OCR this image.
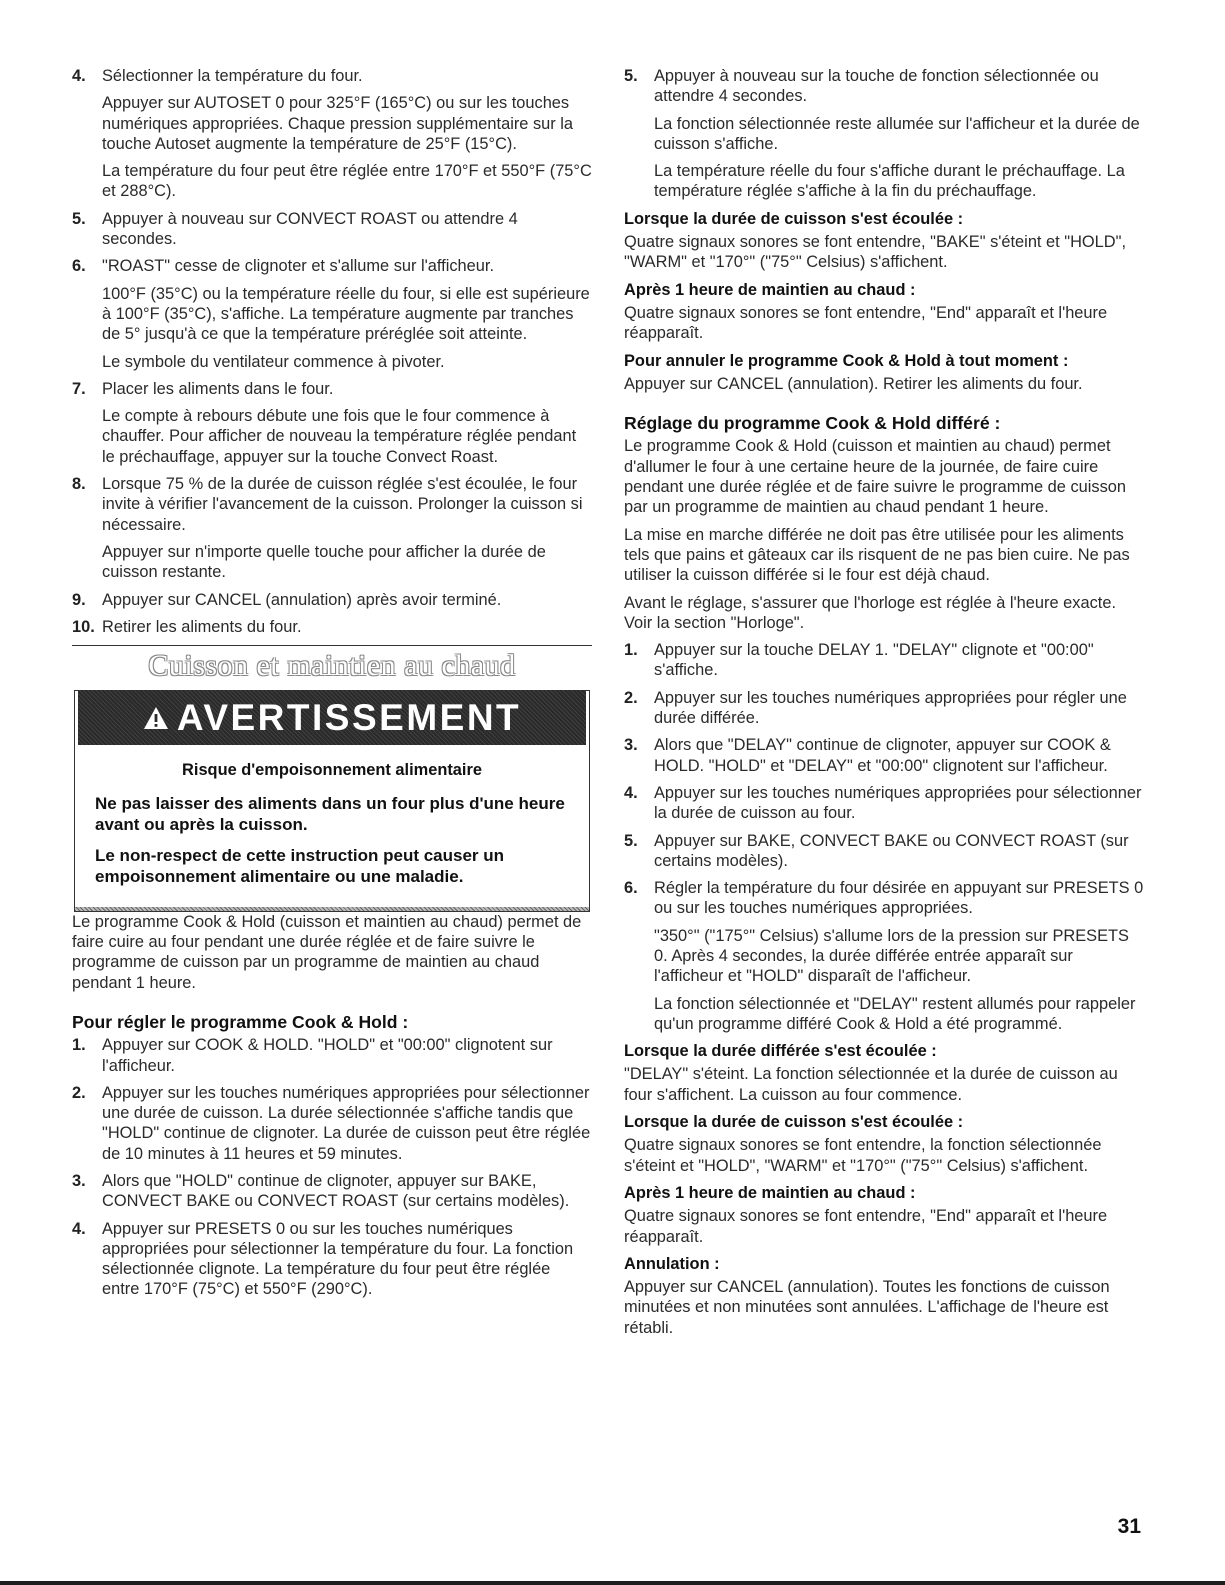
4. Sélectionner la température du four.

Appuyer sur AUTOSET 0 pour 325°F (165°C) ou sur les touches numériques appropriées. Chaque pression supplémentaire sur la touche Autoset augmente la température de 25°F (15°C).

La température du four peut être réglée entre 170°F et 550°F (75°C et 288°C).

5. Appuyer à nouveau sur CONVECT ROAST ou attendre 4 secondes.

6. "ROAST" cesse de clignoter et s'allume sur l'afficheur.

100°F (35°C) ou la température réelle du four, si elle est supérieure à 100°F (35°C), s'affiche. La température augmente par tranches de 5° jusqu'à ce que la température préréglée soit atteinte.

Le symbole du ventilateur commence à pivoter.

7. Placer les aliments dans le four.

Le compte à rebours débute une fois que le four commence à chauffer. Pour afficher de nouveau la température réglée pendant le préchauffage, appuyer sur la touche Convect Roast.

8. Lorsque 75 % de la durée de cuisson réglée s'est écoulée, le four invite à vérifier l'avancement de la cuisson. Prolonger la cuisson si nécessaire.

Appuyer sur n'importe quelle touche pour afficher la durée de cuisson restante.

9. Appuyer sur CANCEL (annulation) après avoir terminé.

10. Retirer les aliments du four.

Cuisson et maintien au chaud
AVERTISSEMENT

Risque d'empoisonnement alimentaire

Ne pas laisser des aliments dans un four plus d'une heure avant ou après la cuisson.

Le non-respect de cette instruction peut causer un empoisonnement alimentaire ou une maladie.

Le programme Cook & Hold (cuisson et maintien au chaud) permet de faire cuire au four pendant une durée réglée et de faire suivre le programme de cuisson par un programme de maintien au chaud pendant 1 heure.

Pour régler le programme Cook & Hold :
1. Appuyer sur COOK & HOLD. "HOLD" et "00:00" clignotent sur l'afficheur.

2. Appuyer sur les touches numériques appropriées pour sélectionner une durée de cuisson. La durée sélectionnée s'affiche tandis que "HOLD" continue de clignoter. La durée de cuisson peut être réglée de 10 minutes à 11 heures et 59 minutes.

3. Alors que "HOLD" continue de clignoter, appuyer sur BAKE, CONVECT BAKE ou CONVECT ROAST (sur certains modèles).

4. Appuyer sur PRESETS 0 ou sur les touches numériques appropriées pour sélectionner la température du four. La fonction sélectionnée clignote. La température du four peut être réglée entre 170°F (75°C) et 550°F (290°C).

5. Appuyer à nouveau sur la touche de fonction sélectionnée ou attendre 4 secondes.

La fonction sélectionnée reste allumée sur l'afficheur et la durée de cuisson s'affiche.

La température réelle du four s'affiche durant le préchauffage. La température réglée s'affiche à la fin du préchauffage.

Lorsque la durée de cuisson s'est écoulée :

Quatre signaux sonores se font entendre, "BAKE" s'éteint et "HOLD", "WARM" et "170°" ("75°" Celsius) s'affichent.

Après 1 heure de maintien au chaud :

Quatre signaux sonores se font entendre, "End" apparaît et l'heure réapparaît.

Pour annuler le programme Cook & Hold à tout moment :

Appuyer sur CANCEL (annulation). Retirer les aliments du four.

Réglage du programme Cook & Hold différé :

Le programme Cook & Hold (cuisson et maintien au chaud) permet d'allumer le four à une certaine heure de la journée, de faire cuire pendant une durée réglée et de faire suivre le programme de cuisson par un programme de maintien au chaud pendant 1 heure.

La mise en marche différée ne doit pas être utilisée pour les aliments tels que pains et gâteaux car ils risquent de ne pas bien cuire. Ne pas utiliser la cuisson différée si le four est déjà chaud.

Avant le réglage, s'assurer que l'horloge est réglée à l'heure exacte. Voir la section "Horloge".

1. Appuyer sur la touche DELAY 1. "DELAY" clignote et "00:00" s'affiche.

2. Appuyer sur les touches numériques appropriées pour régler une durée différée.

3. Alors que "DELAY" continue de clignoter, appuyer sur COOK & HOLD. "HOLD" et "DELAY" et "00:00" clignotent sur l'afficheur.

4. Appuyer sur les touches numériques appropriées pour sélectionner la durée de cuisson au four.

5. Appuyer sur BAKE, CONVECT BAKE ou CONVECT ROAST (sur certains modèles).

6. Régler la température du four désirée en appuyant sur PRESETS 0 ou sur les touches numériques appropriées.

"350°" ("175°" Celsius) s'allume lors de la pression sur PRESETS 0. Après 4 secondes, la durée différée entrée apparaît sur l'afficheur et "HOLD" disparaît de l'afficheur.

La fonction sélectionnée et "DELAY" restent allumés pour rappeler qu'un programme différé Cook & Hold a été programmé.

Lorsque la durée différée s'est écoulée :

"DELAY" s'éteint. La fonction sélectionnée et la durée de cuisson au four s'affichent. La cuisson au four commence.

Lorsque la durée de cuisson s'est écoulée :

Quatre signaux sonores se font entendre, la fonction sélectionnée s'éteint et "HOLD", "WARM" et "170°" ("75°" Celsius) s'affichent.

Après 1 heure de maintien au chaud :

Quatre signaux sonores se font entendre, "End" apparaît et l'heure réapparaît.

Annulation :

Appuyer sur CANCEL (annulation). Toutes les fonctions de cuisson minutées et non minutées sont annulées. L'affichage de l'heure est rétabli.

31
